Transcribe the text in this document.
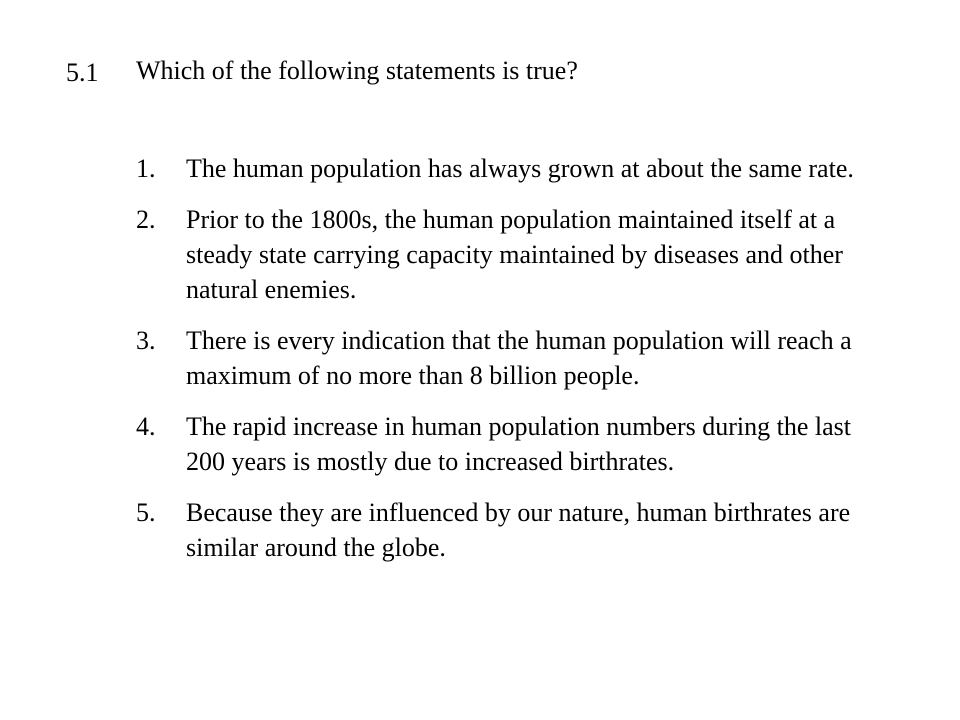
5.1 Which of the following statements is true?
1. The human population has always grown at about the same rate.
2. Prior to the 1800s, the human population maintained itself at a steady state carrying capacity maintained by diseases and other natural enemies.
3. There is every indication that the human population will reach a maximum of no more than 8 billion people.
4. The rapid increase in human population numbers during the last 200 years is mostly due to increased birthrates.
5. Because they are influenced by our nature, human birthrates are similar around the globe.
